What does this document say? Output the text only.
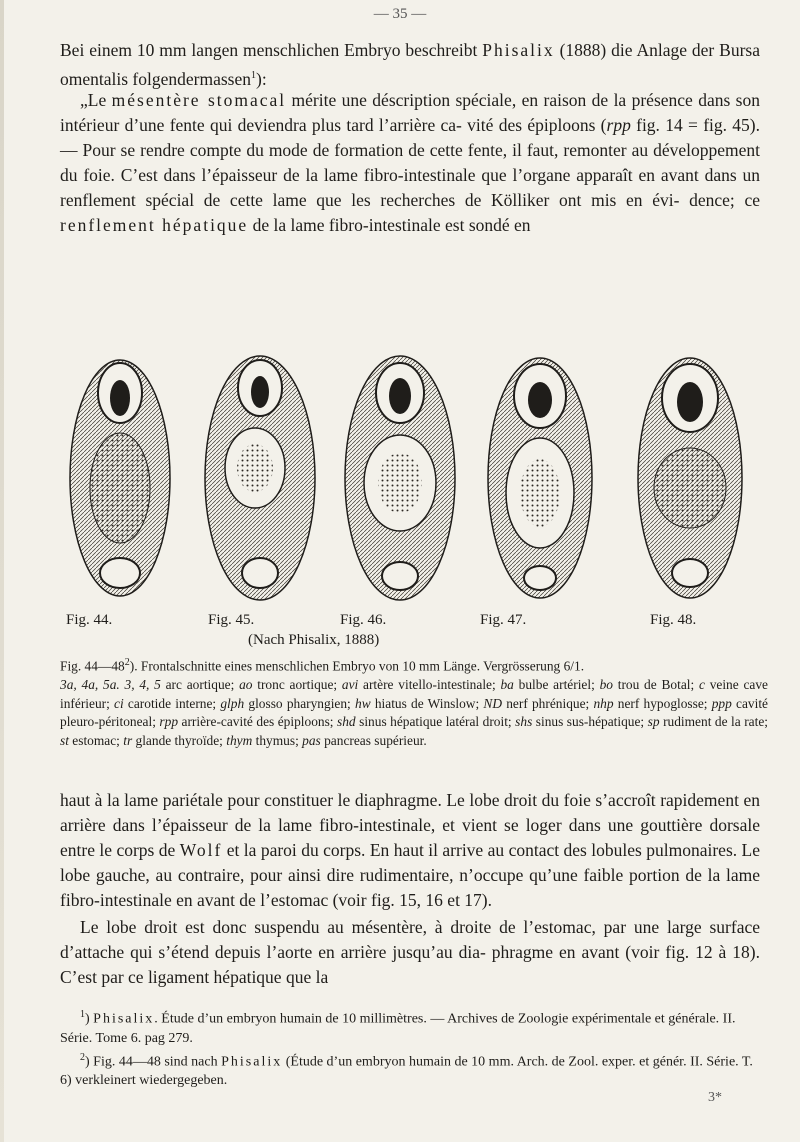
— 35 —

Bei einem 10 mm langen menschlichen Embryo beschreibt Phisalix (1888) die Anlage der Bursa omentalis folgendermassen$^1$):

„Le mésentère stomacal mérite une déscription spéciale, en raison de la présence dans son intérieur d’une fente qui deviendra plus tard l’arrière ca- vité des épiploons (rpp fig. 14 = fig. 45). — Pour se rendre compte du mode de formation de cette fente, il faut, remonter au développement du foie. C’est dans l’épaisseur de la lame fibro-intestinale que l’organe apparaît en avant dans un renflement spécial de cette lame que les recherches de Kölliker ont mis en évi- dence; ce renflement hépatique de la lame fibro-intestinale est sondé en

Fig. 44.	Fig. 45.	Fig. 46.	Fig. 47.	Fig. 48.
(Nach Phisalix, 1888)

Fig. $44—48^2$). Frontalschnitte eines menschlichen Embryo von 10 mm Länge. Vergrösserung 6/1.
3a, 4a, 5a. 3, 4, 5 arc aortique; ao tronc aortique; avi artère vitello-intestinale; ba bulbe artériel; bo trou de Botal; c veine cave inférieur; ci carotide interne; glph glosso pharyngien; hw hiatus de Winslow; ND nerf phrénique; nhp nerf hypoglosse; ppp cavité pleuro-péritoneal; rpp arrière-cavité des épiploons; shd sinus hépatique latéral droit; shs sinus sus-hépatique; sp rudiment de la rate; st estomac; tr glande thyroïde; thym thymus; pas pancreas supérieur.

haut à la lame pariétale pour constituer le diaphragme. Le lobe droit du foie s’accroît rapidement en arrière dans l’épaisseur de la lame fibro-intestinale, et vient se loger dans une gouttière dorsale entre le corps de Wolf et la paroi du corps. En haut il arrive au contact des lobules pulmonaires. Le lobe gauche, au contraire, pour ainsi dire rudimentaire, n’occupe qu’une faible portion de la lame fibro-intestinale en avant de l’estomac (voir fig. 15, 16 et 17).

Le lobe droit est donc suspendu au mésentère, à droite de l’estomac, par une large surface d’attache qui s’étend depuis l’aorte en arrière jusqu’au dia- phragme en avant (voir fig. 12 à 18). C’est par ce ligament hépatique que la

$^1$) Phisalix. Étude d’un embryon humain de 10 millimètres. — Archives de Zoologie expérimentale et générale. II. Série. Tome 6. pag 279.

$^2$) Fig. 44—48 sind nach Phisalix (Étude d’un embryon humain de 10 mm. Arch. de Zool. exper. et génér. II. Série. T. 6) verkleinert wiedergegeben.

3*
